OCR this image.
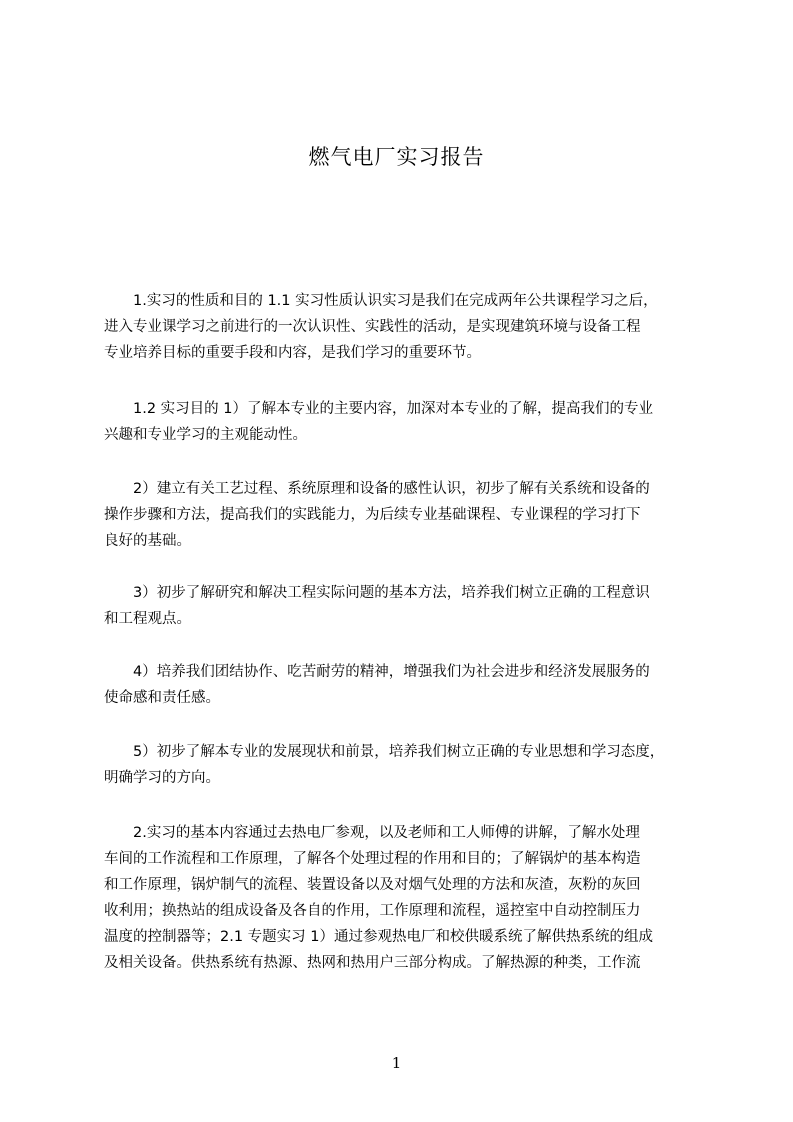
燃气电厂实习报告
　　1.实习的性质和目的 1.1 实习性质认识实习是我们在完成两年公共课程学习之后，
进入专业课学习之前进行的一次认识性、实践性的活动，是实现建筑环境与设备工程
专业培养目标的重要手段和内容，是我们学习的重要环节。
　　1.2 实习目的 1）了解本专业的主要内容，加深对本专业的了解，提高我们的专业
兴趣和专业学习的主观能动性。
　　2）建立有关工艺过程、系统原理和设备的感性认识，初步了解有关系统和设备的
操作步骤和方法，提高我们的实践能力，为后续专业基础课程、专业课程的学习打下
良好的基础。
　　3）初步了解研究和解决工程实际问题的基本方法，培养我们树立正确的工程意识
和工程观点。
　　4）培养我们团结协作、吃苦耐劳的精神，增强我们为社会进步和经济发展服务的
使命感和责任感。
　　5）初步了解本专业的发展现状和前景，培养我们树立正确的专业思想和学习态度，
明确学习的方向。
　　2.实习的基本内容通过去热电厂参观，以及老师和工人师傅的讲解，了解水处理
车间的工作流程和工作原理，了解各个处理过程的作用和目的；了解锅炉的基本构造
和工作原理，锅炉制气的流程、装置设备以及对烟气处理的方法和灰渣，灰粉的灰回
收利用；换热站的组成设备及各自的作用，工作原理和流程，遥控室中自动控制压力
温度的控制器等；2.1 专题实习 1）通过参观热电厂和校供暖系统了解供热系统的组成
及相关设备。供热系统有热源、热网和热用户三部分构成。了解热源的种类，工作流
1
